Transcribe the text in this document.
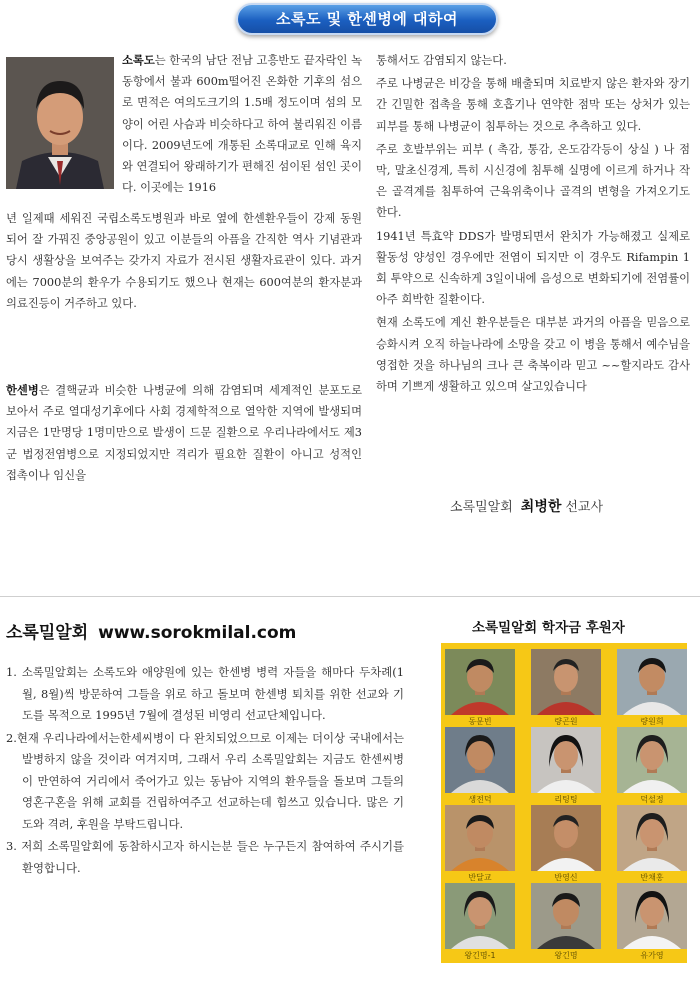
소록도 및 한센병에 대하여
소록도는 한국의 남단 전남 고흥반도 끝자락인 녹동항에서 불과 600m떨어진 온화한 기후의 섬으로 면적은 여의도크기의 1.5배 정도이며 섬의 모양이 어린 사슴과 비슷하다고 하여 불리워진 이름이다. 2009년도에 개통된 소록대교로 인해 육지와 연결되어 왕래하기가 편해진 섬이된 섬인 곳이다. 이곳에는 1916
년 일제때 세워진 국립소록도병원과 바로 옆에 한센환우들이 강제 동원되어 잘 가꿔진 중앙공원이 있고 이분들의 아픔을 간직한 역사 기념관과 당시 생활상을 보여주는 갖가지 자료가 전시된 생활자료관이 있다. 과거에는 7000분의 환우가 수용되기도 했으나 현재는 600여분의 환자분과 의료진등이 거주하고 있다.
한센병은 결핵균과 비슷한 나병균에 의해 감염되며 세계적인 분포도로 보아서 주로 열대성기후에다 사회 경제학적으로 열악한 지역에 발생되며 지금은 1만명당 1명미만으로 발생이 드문 질환으로 우리나라에서도 제3군 법정전염병으로 지정되었지만 격리가 필요한 질환이 아니고 성적인 접촉이나 임신을

통해서도 감염되지 않는다.

주로 나병균은 비강을 통해 배출되며 치료받지 않은 환자와 장기간 긴밀한 접촉을 통해 호흡기나 연약한 점막 또는 상처가 있는 피부를 통해 나병균이 침투하는 것으로 추측하고 있다.

주로 호발부위는 피부 ( 촉감, 통감, 온도감각등이 상실 ) 나 점막, 말초신경계, 특히 시신경에 침투해 실명에 이르게 하거나 작은 골격계를 침투하여 근육위축이나 골격의 변형을 가져오기도 한다.

1941년 특효약 DDS가 발명되면서 완치가 가능해졌고 실제로 활동성 양성인 경우에만 전염이 되지만 이 경우도 Rifampin 1회 투약으로 신속하게 3일이내에 음성으로 변화되기에 전염률이 아주 희박한 질환이다.

현재 소록도에 계신 환우분들은 대부분 과거의 아픔을 믿음으로 승화시켜 오직 하늘나라에 소망을 갖고 이 병을 통해서 예수님을 영접한 것을 하나님의 크나 큰 축복이라 믿고 ~~할지라도 감사하며 기쁘게 생활하고 있으며 살고있습니다

소록밀알회 최병한 선교사
소록밀알회 www.sorokmilal.com
1. 소록밀알회는 소록도와 애양원에 있는 한센병 병력 자들을 해마다 두차례(1월, 8월)씩 방문하여 그들을 위로 하고 돌보며 한센병 퇴치를 위한 선교와 기도를 목적으로 1995년 7월에 결성된 비영리 선교단체입니다.
2.현재 우리나라에서는한세씨병이 다 완치되었으므로 이제는 더이상 국내에서는 발병하지 않을 것이라 여겨지며, 그래서 우리 소록밀알회는 지금도 한센씨병이 만연하여 거리에서 죽어가고 있는 동남아 지역의 환우들을 돌보며 그들의 영혼구혼을 위해 교회를 건립하여주고 선교하는데 힘쓰고 있습니다. 많은 기도와 격려, 후원을 부탁드립니다.
3. 저희 소록밀알회에 동참하시고자 하시는분 들은 누구든지 참여하여 주시기를 환영합니다.
소록밀알회 학자금 후원자
동문빈	량곤원	량원희
생전덕	리팅팅	덕설정
반달교	반영신	반채홍
왕긴명-1	왕긴명	유가영
